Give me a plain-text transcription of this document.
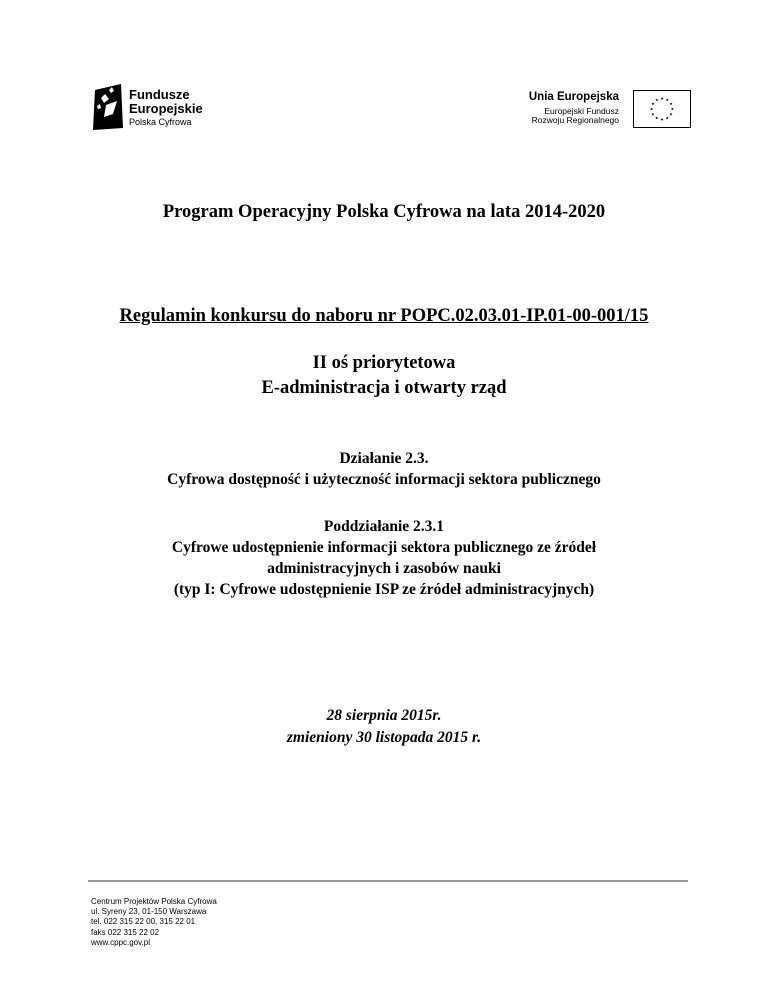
Fundusze
Europejskie
Polska Cyfrowa
Unia Europejska
Europejski Fundusz
Rozwoju Regionalnego
Program Operacyjny Polska Cyfrowa na lata 2014-2020
Regulamin konkursu do naboru nr POPC.02.03.01-IP.01-00-001/15
II oś priorytetowa
E-administracja i otwarty rząd
Działanie 2.3.
Cyfrowa dostępność i użyteczność informacji sektora publicznego
Poddziałanie 2.3.1
Cyfrowe udostępnienie informacji sektora publicznego ze źródeł
administracyjnych i zasobów nauki
(typ I: Cyfrowe udostępnienie ISP ze źródeł administracyjnych)
28 sierpnia 2015r.
zmieniony 30 listopada 2015 r.
Centrum Projektów Polska Cyfrowa
ul. Syreny 23, 01-150 Warszawa
tel. 022 315 22 00, 315 22 01
faks 022 315 22 02
www.cppc.gov.pl
